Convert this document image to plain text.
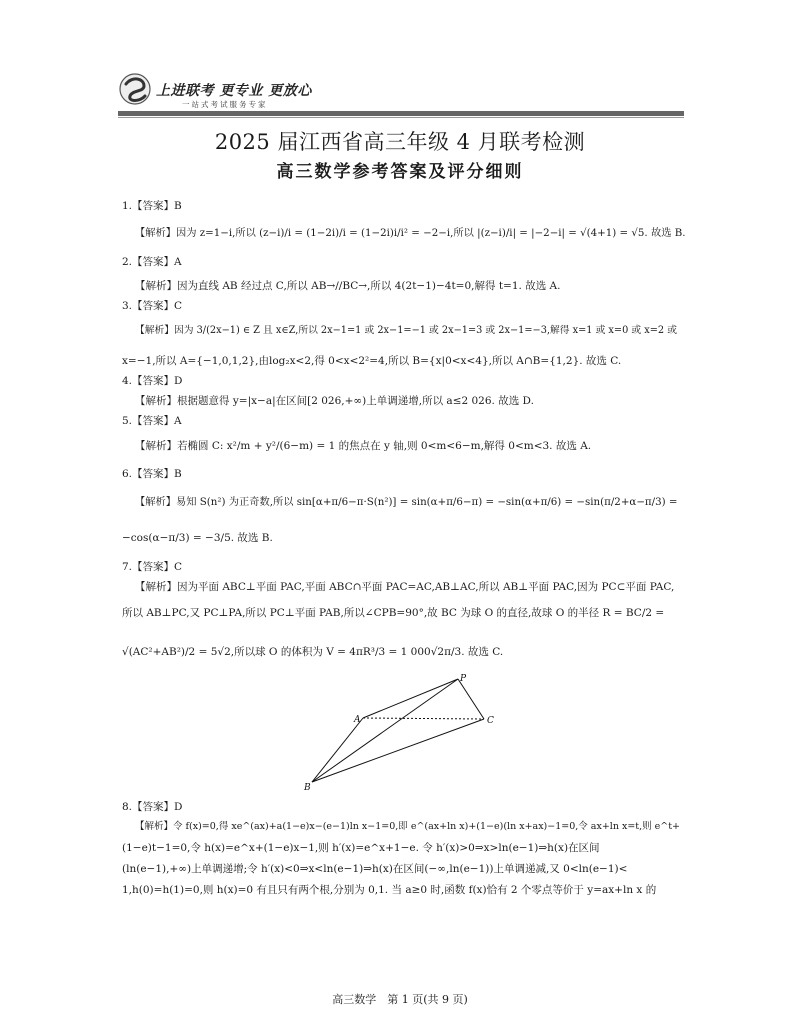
上进联考 更专业 更放心
一站式考试服务专家
2025 届江西省高三年级 4 月联考检测
高三数学参考答案及评分细则
1.【答案】B
【解析】因为 z=1−i,所以 (z−i)/i = (1−2i)/i = (1−2i)i/i² = −2−i,所以 |(z−i)/i| = |−2−i| = √(4+1) = √5. 故选 B.
2.【答案】A
【解析】因为直线 AB 经过点 C,所以 AB→//BC→,所以 4(2t−1)−4t=0,解得 t=1. 故选 A.
3.【答案】C
【解析】因为 3/(2x−1) ∈ Z 且 x∈Z,所以 2x−1=1 或 2x−1=−1 或 2x−1=3 或 2x−1=−3,解得 x=1 或 x=0 或 x=2 或
x=−1,所以 A={−1,0,1,2},由log₂x<2,得 0<x<2²=4,所以 B={x|0<x<4},所以 A∩B={1,2}. 故选 C.
4.【答案】D
【解析】根据题意得 y=|x−a|在区间[2 026,+∞)上单调递增,所以 a≤2 026. 故选 D.
5.【答案】A
【解析】若椭圆 C: x²/m + y²/(6−m) = 1 的焦点在 y 轴,则 0<m<6−m,解得 0<m<3. 故选 A.
6.【答案】B
【解析】易知 S(n²) 为正奇数,所以 sin[α+π/6−π·S(n²)] = sin(α+π/6−π) = −sin(α+π/6) = −sin(π/2+α−π/3) =
−cos(α−π/3) = −3/5. 故选 B.
7.【答案】C
【解析】因为平面 ABC⊥平面 PAC,平面 ABC∩平面 PAC=AC,AB⊥AC,所以 AB⊥平面 PAC,因为 PC⊂平面 PAC,
所以 AB⊥PC,又 PC⊥PA,所以 PC⊥平面 PAB,所以∠CPB=90°,故 BC 为球 O 的直径,故球 O 的半径 R = BC/2 =
√(AC²+AB²)/2 = 5√2,所以球 O 的体积为 V = 4πR³/3 = 1 000√2π/3. 故选 C.
P
A	C
B
8.【答案】D
【解析】令 f(x)=0,得 xe^(ax)+a(1−e)x−(e−1)ln x−1=0,即 e^(ax+ln x)+(1−e)(ln x+ax)−1=0,令 ax+ln x=t,则 e^t+
(1−e)t−1=0,令 h(x)=e^x+(1−e)x−1,则 h′(x)=e^x+1−e. 令 h′(x)>0⇒x>ln(e−1)⇒h(x)在区间
(ln(e−1),+∞)上单调递增;令 h′(x)<0⇒x<ln(e−1)⇒h(x)在区间(−∞,ln(e−1))上单调递减,又 0<ln(e−1)<
1,h(0)=h(1)=0,则 h(x)=0 有且只有两个根,分别为 0,1. 当 a≥0 时,函数 f(x)恰有 2 个零点等价于 y=ax+ln x 的
高三数学　第 1 页(共 9 页)
